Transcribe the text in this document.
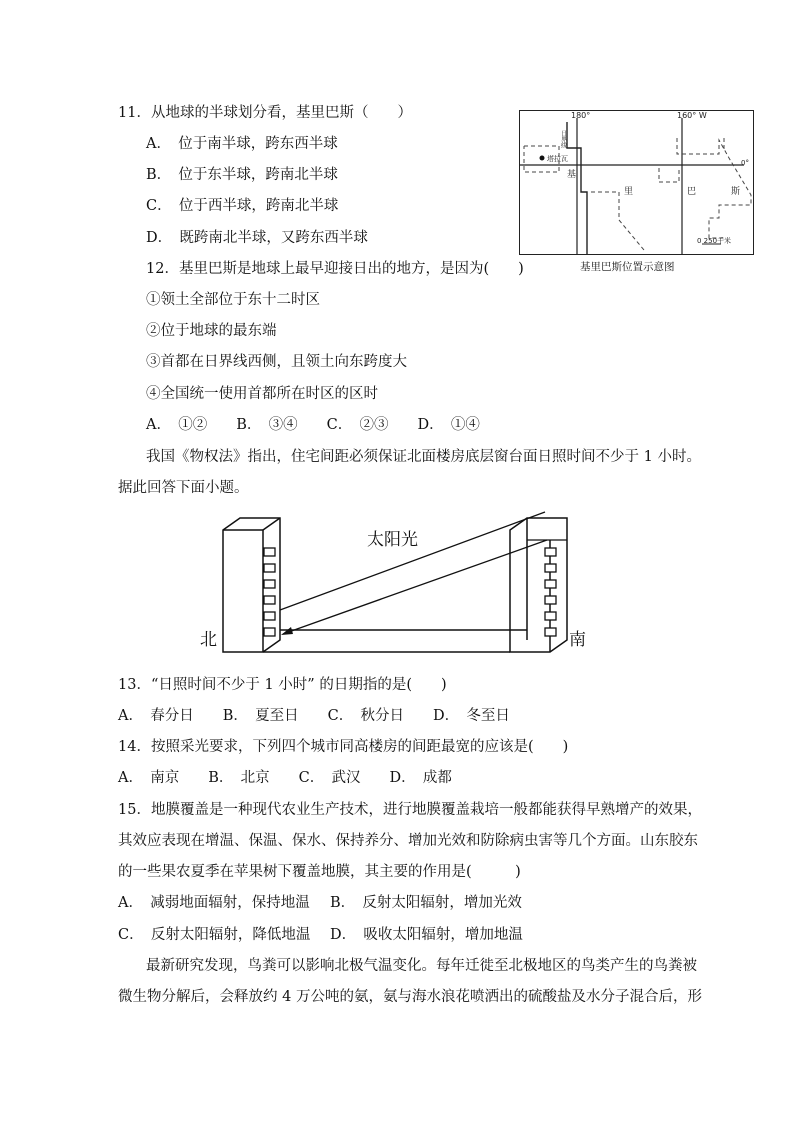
11．从地球的半球划分看，基里巴斯（　　）
A．　位于南半球，跨东西半球
B．　位于东半球，跨南北半球
C．　位于西半球，跨南北半球
D．　既跨南北半球，又跨东西半球
180°	160° W
0°
塔拉瓦
日界线
基
里	巴	斯
0 250千米
基里巴斯位置示意图
12．基里巴斯是地球上最早迎接日出的地方，是因为(　　)
①领土全部位于东十二时区
②位于地球的最东端
③首都在日界线西侧，且领土向东跨度大
④全国统一使用首都所在时区的区时
A．　①②　　B．　③④　　C．　②③　　D．　①④
我国《物权法》指出，住宅间距必须保证北面楼房底层窗台面日照时间不少于 1 小时。
据此回答下面小题。
太阳光
北	南
13．“日照时间不少于 1 小时” 的日期指的是(　　)
A．　春分日　　B．　夏至日　　C．　秋分日　　D．　冬至日
14．按照采光要求，下列四个城市同高楼房的间距最宽的应该是(　　)
A．　南京　　B．　北京　　C．　武汉　　D．　成都
15．地膜覆盖是一种现代农业生产技术，进行地膜覆盖栽培一般都能获得早熟增产的效果，
其效应表现在增温、保温、保水、保持养分、增加光效和防除病虫害等几个方面。山东胶东
的一些果农夏季在苹果树下覆盖地膜，其主要的作用是(　　　)
A．　减弱地面辐射，保持地温 B．　反射太阳辐射，增加光效
C．　反射太阳辐射，降低地温 D．　吸收太阳辐射，增加地温
最新研究发现，鸟粪可以影响北极气温变化。每年迁徙至北极地区的鸟类产生的鸟粪被
微生物分解后，会释放约 4 万公吨的氨，氨与海水浪花喷洒出的硫酸盐及水分子混合后，形
